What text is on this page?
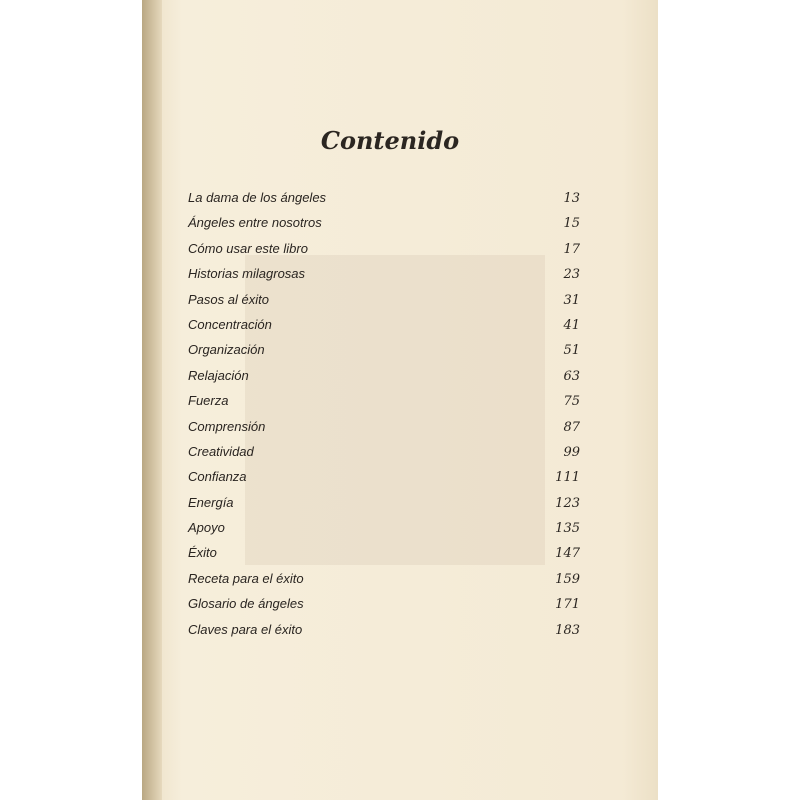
Contenido
La dama de los ángeles	13
Ángeles entre nosotros	15
Cómo usar este libro	17
Historias milagrosas	23
Pasos al éxito	31
Concentración	41
Organización	51
Relajación	63
Fuerza	75
Comprensión	87
Creatividad	99
Confianza	111
Energía	123
Apoyo	135
Éxito	147
Receta para el éxito	159
Glosario de ángeles	171
Claves para el éxito	183
